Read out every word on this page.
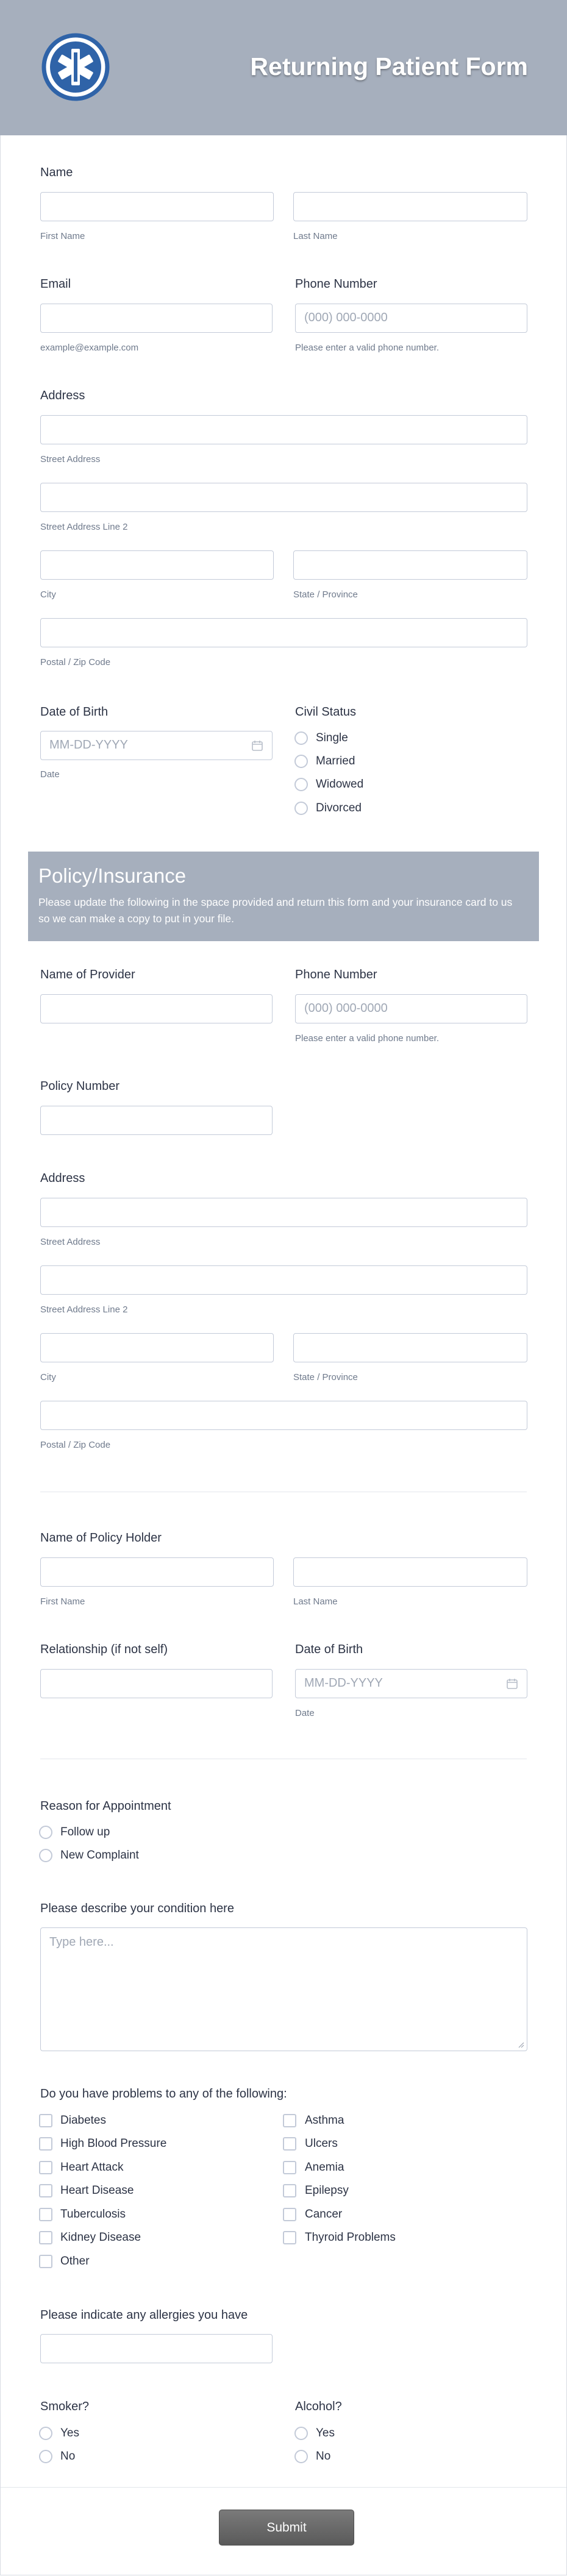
Returning Patient Form
Name
First Name	Last Name
Email
example@example.com
Phone Number
(000) 000-0000
Please enter a valid phone number.
Address
Street Address
Street Address Line 2
City	State / Province
Postal / Zip Code
Date of Birth
MM-DD-YYYY
Date
Civil Status
Single
Married
Widowed
Divorced
Policy/Insurance
Please update the following in the space provided and return this form and your insurance card to us so we can make a copy to put in your file.
Name of Provider	Phone Number
(000) 000-0000
Please enter a valid phone number.
Policy Number
Address
Street Address
Street Address Line 2
City	State / Province
Postal / Zip Code
Name of Policy Holder
First Name	Last Name
Relationship (if not self)	Date of Birth
MM-DD-YYYY
Date
Reason for Appointment
Follow up
New Complaint
Please describe your condition here
Type here...
Do you have problems to any of the following:
Diabetes
High Blood Pressure
Heart Attack
Heart Disease
Tuberculosis
Kidney Disease
Other
Asthma
Ulcers
Anemia
Epilepsy
Cancer
Thyroid Problems
Please indicate any allergies you have
Smoker?
Yes
No
Alcohol?
Yes
No
Submit
